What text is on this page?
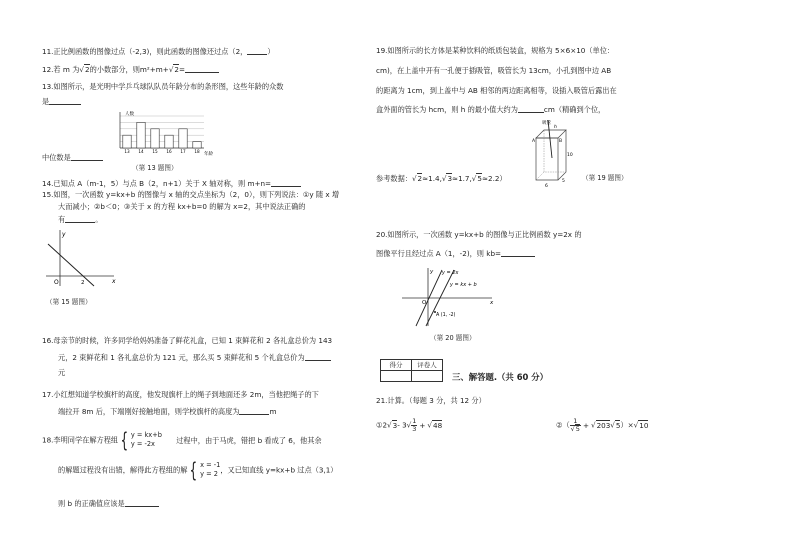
11.正比例函数的图像过点（-2,3)，则此函数的图像还过点（2，	）
12.若 m 为√2的小数部分，则m²+m+√2=
13.如图所示，是光明中学乒乓球队队员年龄分布的条形图，这些年龄的众数
是
13 14 15 16 17 18
人数
年龄
中位数是
（第 13 题图）
14.已知点 A（m-1，5）与点 B（2，n+1）关于 X 轴对称，则 m+n=
15.如图，一次函数 y=kx+b 的图像与 x 轴的交点坐标为（2，0），则下列说法：①y 随 x 增
大而减小；②b＜0；③关于 x 的方程 kx+b=0 的解为 x=2，其中说法正确的
有	。
y
x
O	2
（第 15 题图）
16.母亲节的时候，许多同学给妈妈准备了鲜花礼盒，已知 1 束鲜花和 2 各礼盒总价为 143
元，2 束鲜花和 1 各礼盒总价为 121 元，那么买 5 束鲜花和 5 个礼盒总价为
元
17.小红想知道学校旗杆的高度，他发现旗杆上的绳子到地面还多 2m，当他把绳子的下
端拉开 8m 后，下端刚好接触地面，则学校旗杆的高度为	m
18.李明同学在解方程组 { y = kx+b
y = -2x	过程中，由于马虎，错把 b 看成了 6，他其余
的解题过程没有出错，解得此方程组的解 { x = -1
y = 2 ，又已知直线 y=kx+b 过点（3,1）
则 b 的正确值应该是
19.如图所示的长方体是某种饮料的纸质包装盒，规格为 5×6×10（单位：
cm)，在上盖中开有一孔便于插吸管，吸管长为 13cm，小孔到图中边 AB
的距离为 1cm，到上盖中与 AB 相邻的两边距离相等，设插入吸管后露出在
盒外面的管长为 hcm，则 h 的最小值大约为	cm（精确到个位，
吸管
h
10
5
6
A	B
参考数据：√2≈1.4,√3≈1.7,√5≈2.2）	（第 19 题图）
20.如图所示，一次函数 y=kx+b 的图像与正比例函数 y=2x 的
图像平行且经过点 A（1，-2)，则 kb=
y y = 2x
y = kx + b
O	x
A (1, -2)
（第 20 题图）
得分	评卷人

三、解答题.（共 60 分）
21.计算。（每题 3 分，共 12 分）
①2√3- $3√ \frac{1}{3} + √48$	②（ $\frac{1}{√5} + √203√5)\times√10$
